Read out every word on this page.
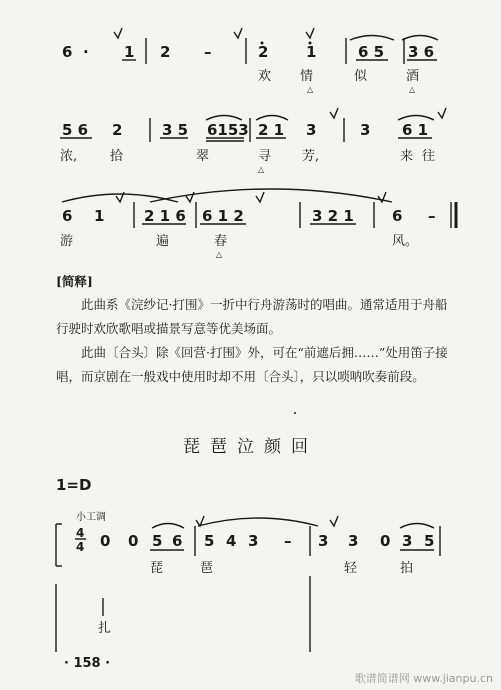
6 · 1 2 –	2	1	6 5 3 6
欢 情	似	酒
△	△
5 6 2	3 5 6153 2 1 3	3 6 1
浓,	拾	翠	寻 芳,	来 往
△
6 1	2 1 6 6 1 2	3 2 1	6 –
游	遍	春	风。
△
[简释]

此曲系《浣纱记·打围》一折中行舟游荡时的唱曲。通常适用于舟船行驶时欢欣歌唱或描景写意等优美场面。

此曲〔合头〕除《回营·打围》外，可在“前遮后拥……”处用笛子接唱，而京剧在一般戏中使用时却不用〔合头〕，只以唢呐吹奏前段。

琵琶泣颜回
1=D
小工调
4
4 0 0 5 6 5 4 3 – 3 3 0 3 5
琵	琶	轻	拍
扎
· 158 ·
歌谱简谱网 www.jianpu.cn
